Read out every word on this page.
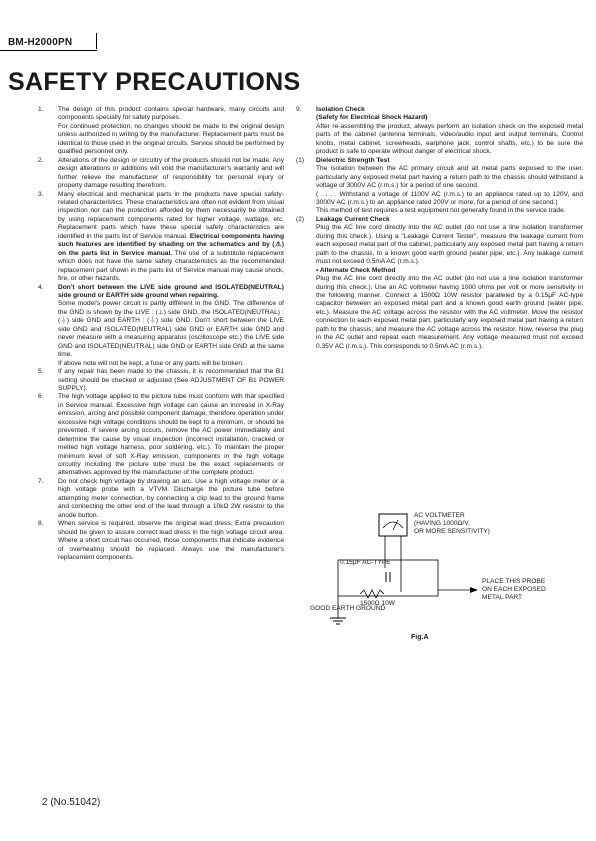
BM-H2000PN
SAFETY PRECAUTIONS
1. The design of this product contains special hardware, many circuits and components specially for safety purposes.

For continued protection, no changes should be made to the original design unless authorized in writing by the manufacturer. Replacement parts must be identical to those used in the original circuits. Service should be performed by qualified personnel only.

2. Alterations of the design or circuitry of the products should not be made. Any design alterations or additions will void the manufacturer's warranty and will further relieve the manufacturer of responsibility for personal injury or property damage resulting therefrom.

3. Many electrical and mechanical parts in the products have special safety-related characteristics. These characteristics are often not evident from visual inspection nor can the protection afforded by them necessarily be obtained by using replacement components rated for higher voltage, wattage, etc. Replacement parts which have these special safety characteristics are identified in the parts list of Service manual. Electrical components having such features are identified by shading on the schematics and by (⚠) on the parts list in Service manual. The use of a substitute replacement which does not have the same safety characteristics as the recommended replacement part shown in the parts list of Service manual may cause shock, fire, or other hazards.

4. Don't short between the LIVE side ground and ISOLATED(NEUTRAL) side ground or EARTH side ground when repairing.

Some model's power circuit is partly different in the GND. The difference of the GND is shown by the LIVE : (⊥) side GND, the ISOLATED(NEUTRAL) : (⏚) side GND and EARTH : (⏚) side GND. Don't short between the LIVE side GND and ISOLATED(NEUTRAL) side GND or EARTH side GND and never measure with a measuring apparatus (oscilloscope etc.) the LIVE side GND and ISOLATED(NEUTRAL) side GND or EARTH side GND at the same time.

If above note will not be kept, a fuse or any parts will be broken.

5. If any repair has been made to the chassis, it is recommended that the B1 setting should be checked or adjusted (See ADJUSTMENT OF B1 POWER SUPPLY).

6. The high voltage applied to the picture tube must conform with that specified in Service manual. Excessive high voltage can cause an increase in X-Ray emission, arcing and possible component damage, therefore operation under excessive high voltage conditions should be kept to a minimum, or should be prevented. If severe arcing occurs, remove the AC power immediately and determine the cause by visual inspection (incorrect installation, cracked or melted high voltage harness, poor soldering, etc.). To maintain the proper minimum level of soft X-Ray emission, components in the high voltage circuitry including the picture tube must be the exact replacements or alternatives approved by the manufacturer of the complete product.

7. Do not check high voltage by drawing an arc. Use a high voltage meter or a high voltage probe with a VTVM. Discharge the picture tube before attempting meter connection, by connecting a clip lead to the ground frame and connecting the other end of the lead through a 10kΩ 2W resistor to the anode button.

8. When service is required, observe the original lead dress. Extra precaution should be given to assure correct lead dress in the high voltage circuit area. Where a short circuit has occurred, those components that indicate evidence of overheating should be replaced. Always use the manufacturer's replacement components.

9. Isolation Check

(Safety for Electrical Shock Hazard)

After re-assembling the product, always perform an isolation check on the exposed metal parts of the cabinet (antenna terminals, video/audio input and output terminals, Control knobs, metal cabinet, screwheads, earphone jack, control shafts, etc.) to be sure the product is safe to operate without danger of electrical shock.

(1) Dielectric Strength Test

The isolation between the AC primary circuit and all metal parts exposed to the user, particularly any exposed metal part having a return path to the chassis should withstand a voltage of 3000V AC (r.m.s.) for a period of one second.

( . . . . Withstand a voltage of 1100V AC (r.m.s.) to an appliance rated up to 120V, and 3000V AC (r.m.s.) to an appliance rated 200V or more, for a period of one second.)

This method of test requires a test equipment not generally found in the service trade.

(2) Leakage Current Check

Plug the AC line cord directly into the AC outlet (do not use a line isolation transformer during this check.). Using a "Leakage Current Tester", measure the leakage current from each exposed metal part of the cabinet, particularly any exposed metal part having a return path to the chassis, to a known good earth ground (water pipe, etc.). Any leakage current must not exceed 0.5mA AC (r.m.s.).

• Alternate Check Method

Plug the AC line cord directly into the AC outlet (do not use a line isolation transformer during this check.). Use an AC voltmeter having 1000 ohms per volt or more sensitivity in the following manner. Connect a 1500Ω 10W resistor paralleled by a 0.15μF AC-type capacitor between an exposed metal part and a known good earth ground (water pipe, etc.). Measure the AC voltage across the resistor with the AC voltmeter. Move the resistor connection to each exposed metal part, particularly any exposed metal part having a return path to the chassis, and measure the AC voltage across the resistor. Now, reverse the plug in the AC outlet and repeat each measurement. Any voltage measured must not exceed 0.35V AC (r.m.s.). This corresponds to 0.5mA AC (r.m.s.).

AC VOLTMETER
(HAVING 1000Ω/V,
OR MORE SENSITIVITY)
0.15μF AC-TYPE
1500Ω 10W
PLACE THIS PROBE
ON EACH EXPOSED
METAL PART
GOOD EARTH GROUND
Fig.A
2 (No.51042)
